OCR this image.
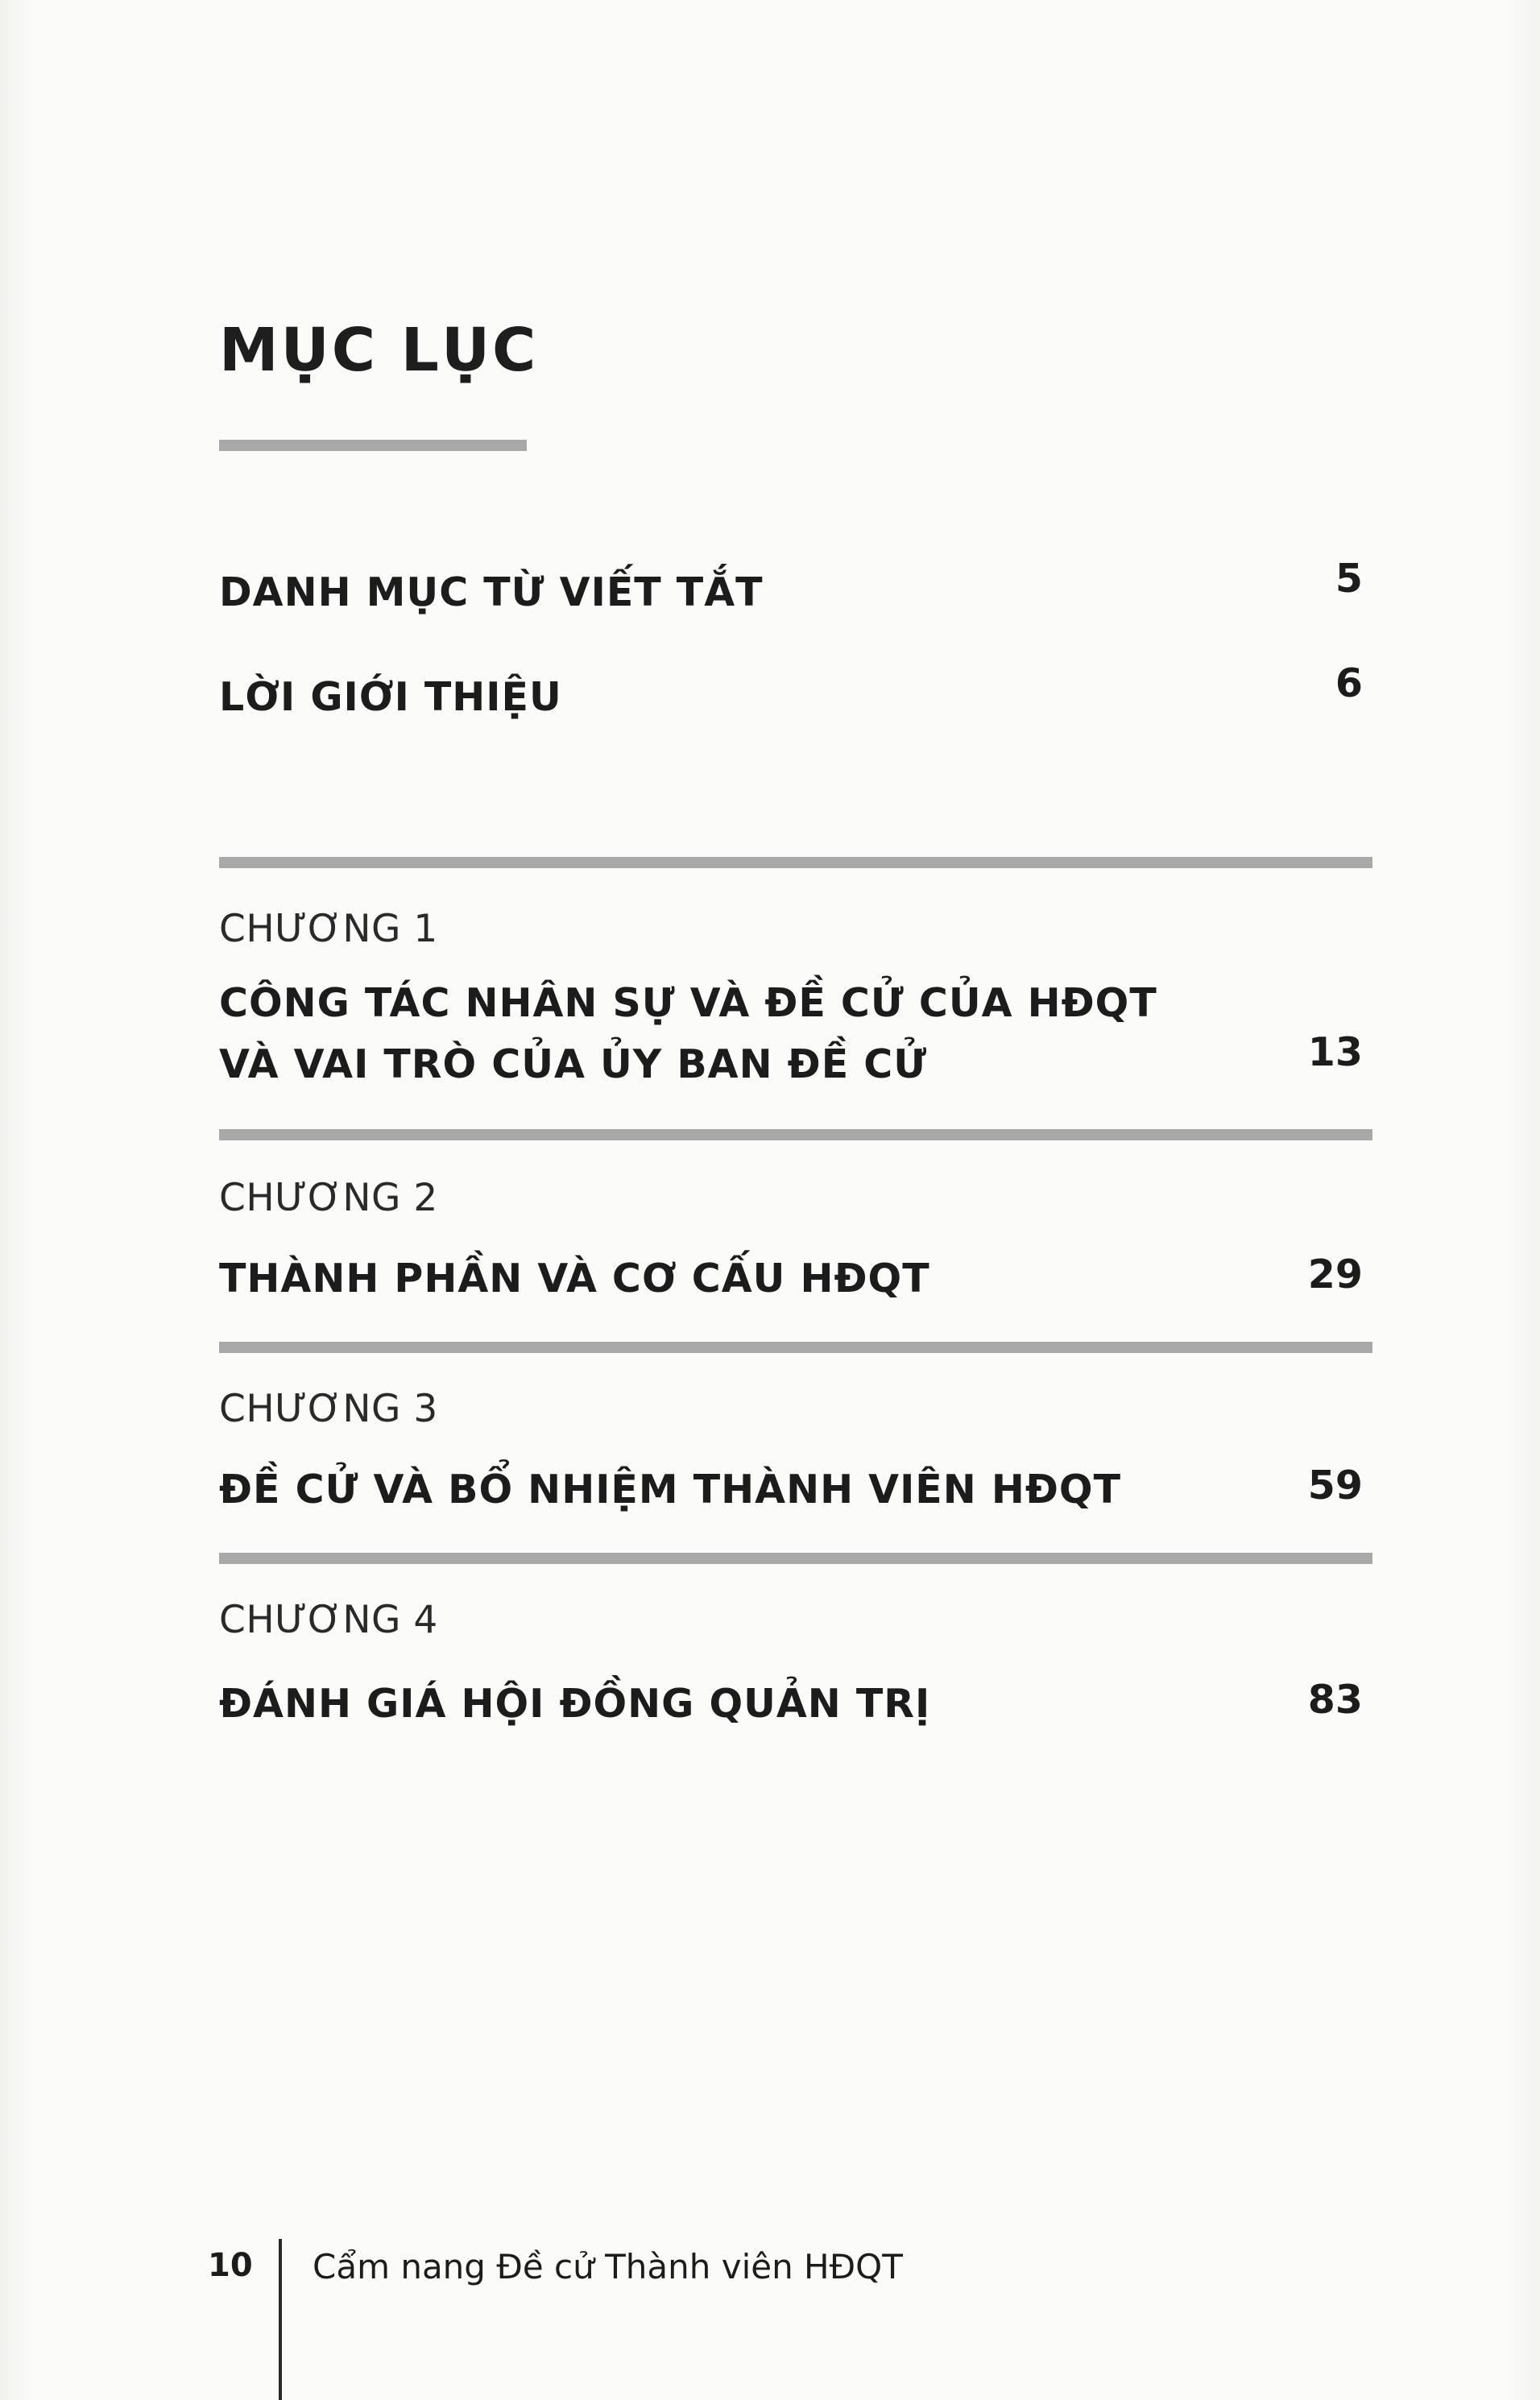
MỤC LỤC
DANH MỤC TỪ VIẾT TẮT	5
LỜI GIỚI THIỆU	6
CHƯƠNG 1
CÔNG TÁC NHÂN SỰ VÀ ĐỀ CỬ CỦA HĐQT
VÀ VAI TRÒ CỦA ỦY BAN ĐỀ CỬ	13
CHƯƠNG 2
THÀNH PHẦN VÀ CƠ CẤU HĐQT	29
CHƯƠNG 3
ĐỀ CỬ VÀ BỔ NHIỆM THÀNH VIÊN HĐQT	59
CHƯƠNG 4
ĐÁNH GIÁ HỘI ĐỒNG QUẢN TRỊ	83
10 Cẩm nang Đề cử Thành viên HĐQT
